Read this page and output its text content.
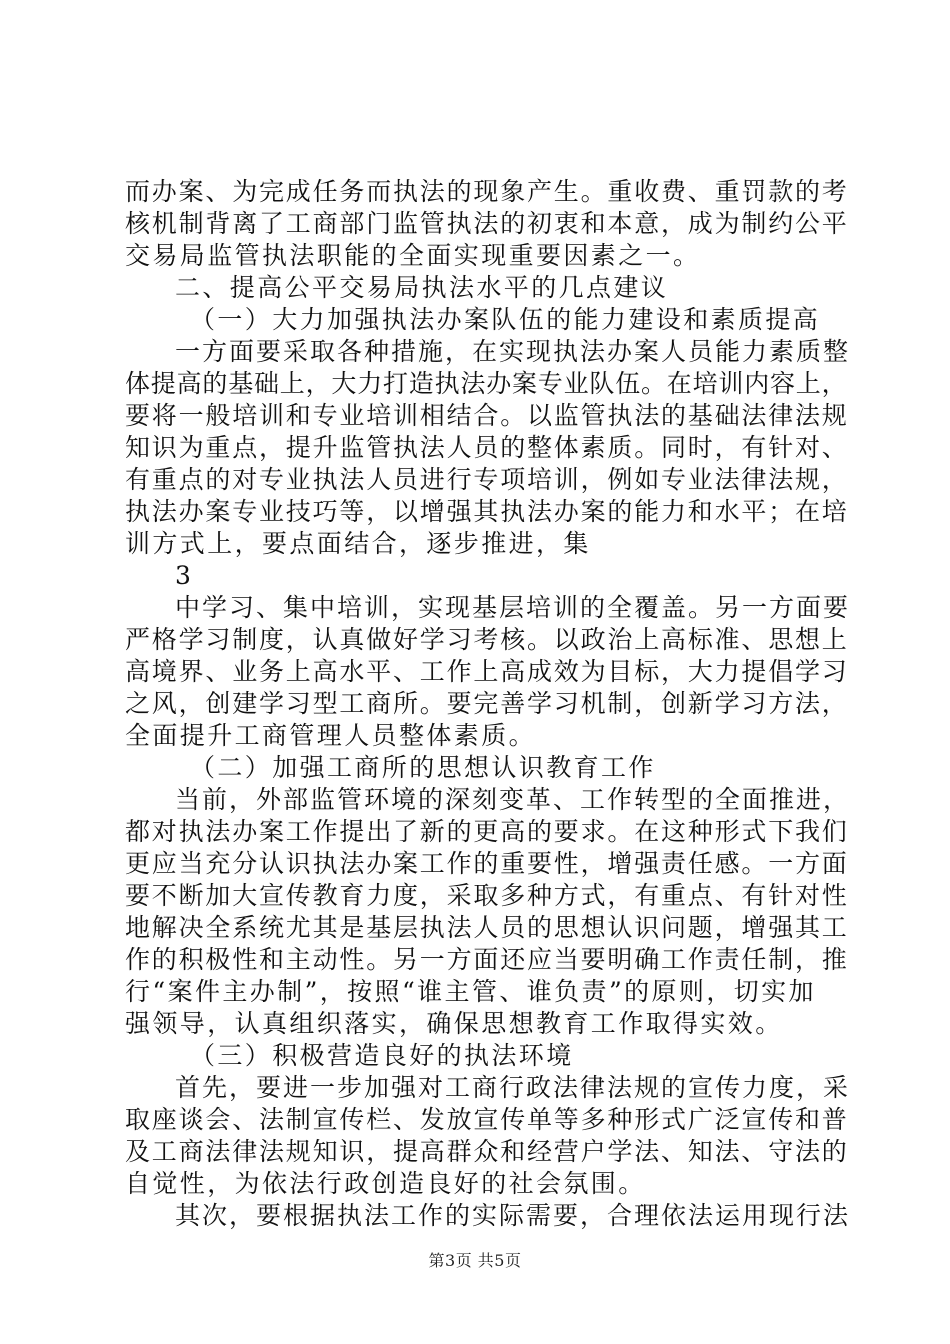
而办案、为完成任务而执法的现象产生。重收费、重罚款的考
核机制背离了工商部门监管执法的初衷和本意，成为制约公平
交易局监管执法职能的全面实现重要因素之一。
二、提高公平交易局执法水平的几点建议
（一）大力加强执法办案队伍的能力建设和素质提高
一方面要采取各种措施，在实现执法办案人员能力素质整
体提高的基础上，大力打造执法办案专业队伍。在培训内容上，
要将一般培训和专业培训相结合。以监管执法的基础法律法规
知识为重点，提升监管执法人员的整体素质。同时，有针对、
有重点的对专业执法人员进行专项培训，例如专业法律法规，
执法办案专业技巧等，以增强其执法办案的能力和水平；在培
训方式上，要点面结合，逐步推进，集
3
中学习、集中培训，实现基层培训的全覆盖。另一方面要
严格学习制度，认真做好学习考核。以政治上高标准、思想上
高境界、业务上高水平、工作上高成效为目标，大力提倡学习
之风，创建学习型工商所。要完善学习机制，创新学习方法，
全面提升工商管理人员整体素质。
（二）加强工商所的思想认识教育工作
当前，外部监管环境的深刻变革、工作转型的全面推进，
都对执法办案工作提出了新的更高的要求。在这种形式下我们
更应当充分认识执法办案工作的重要性，增强责任感。一方面
要不断加大宣传教育力度，采取多种方式，有重点、有针对性
地解决全系统尤其是基层执法人员的思想认识问题，增强其工
作的积极性和主动性。另一方面还应当要明确工作责任制，推
行“案件主办制”，按照“谁主管、谁负责”的原则，切实加
强领导，认真组织落实，确保思想教育工作取得实效。
（三）积极营造良好的执法环境
首先，要进一步加强对工商行政法律法规的宣传力度，采
取座谈会、法制宣传栏、发放宣传单等多种形式广泛宣传和普
及工商法律法规知识，提高群众和经营户学法、知法、守法的
自觉性，为依法行政创造良好的社会氛围。
其次，要根据执法工作的实际需要，合理依法运用现行法
第3页 共5页
